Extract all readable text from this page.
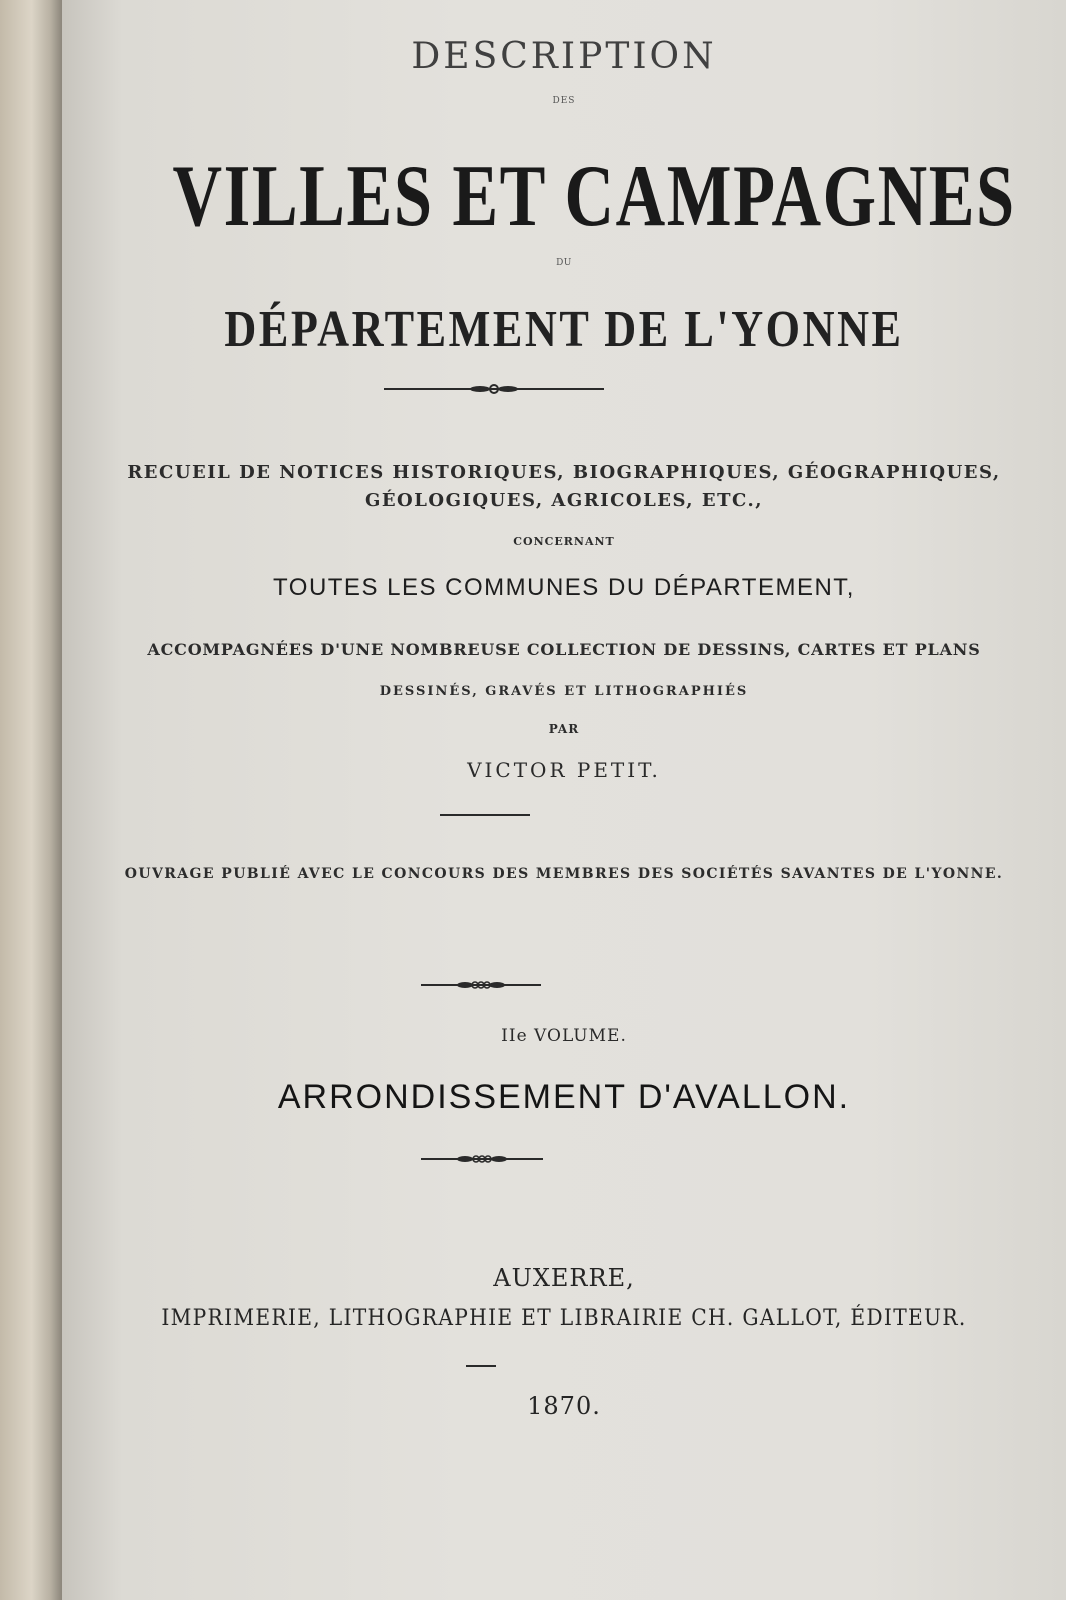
DESCRIPTION
DES
VILLES ET CAMPAGNES
DU
DÉPARTEMENT DE L'YONNE
RECUEIL DE NOTICES HISTORIQUES, BIOGRAPHIQUES, GÉOGRAPHIQUES,
GÉOLOGIQUES, AGRICOLES, ETC.,
CONCERNANT
TOUTES LES COMMUNES DU DÉPARTEMENT,
ACCOMPAGNÉES D'UNE NOMBREUSE COLLECTION DE DESSINS, CARTES ET PLANS
DESSINÉS, GRAVÉS ET LITHOGRAPHIÉS
PAR
VICTOR PETIT.
OUVRAGE PUBLIÉ AVEC LE CONCOURS DES MEMBRES DES SOCIÉTÉS SAVANTES DE L'YONNE.
IIe VOLUME.
ARRONDISSEMENT D'AVALLON.
AUXERRE,
IMPRIMERIE, LITHOGRAPHIE ET LIBRAIRIE CH. GALLOT, ÉDITEUR.
1870.
